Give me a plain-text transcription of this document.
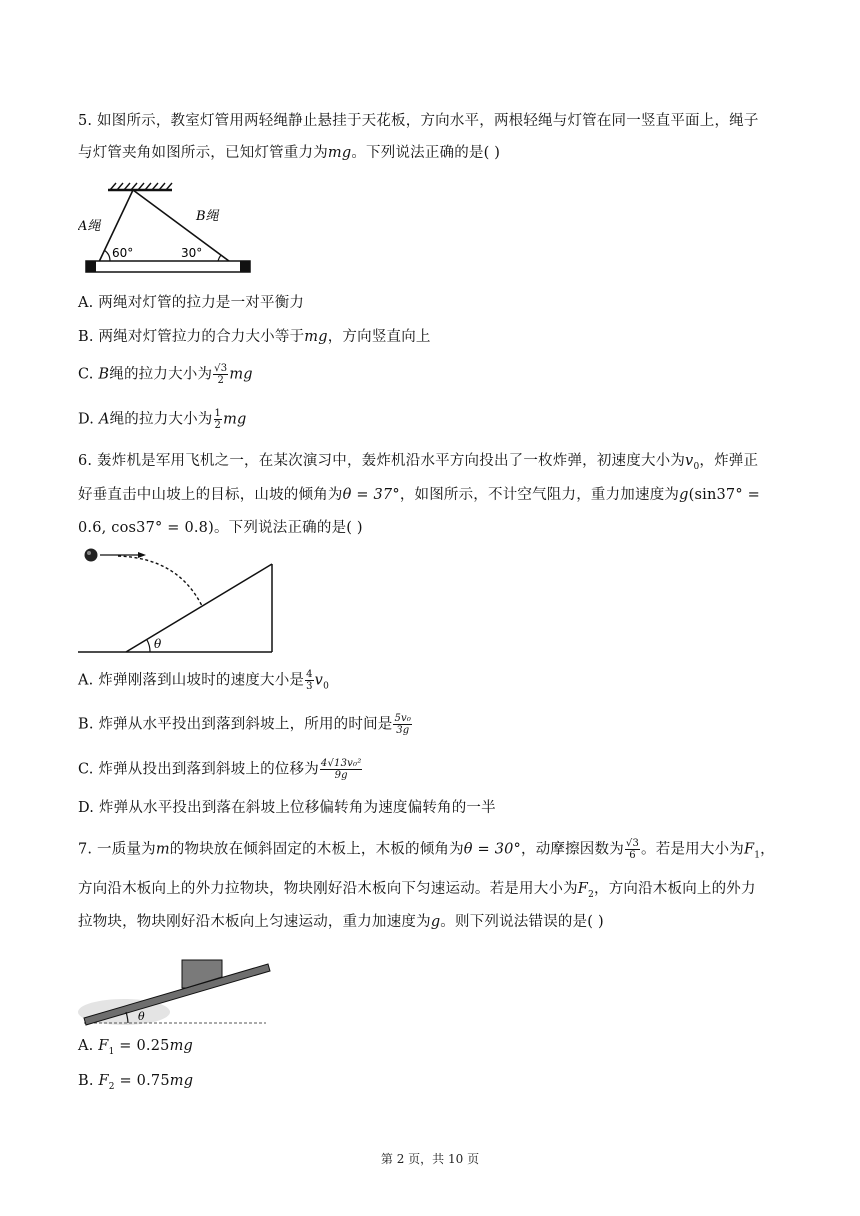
5. 如图所示，教室灯管用两轻绳静止悬挂于天花板，方向水平，两根轻绳与灯管在同一竖直平面上，绳子
与灯管夹角如图所示，已知灯管重力为mg。下列说法正确的是( )
A绳
B绳
60°	30°
A. 两绳对灯管的拉力是一对平衡力
B. 两绳对灯管拉力的合力大小等于mg，方向竖直向上
C. B绳的拉力大小为 $\frac{√3}{2}$ mg
D. A绳的拉力大小为 $\frac{1}{2}$ mg
6. 轰炸机是军用飞机之一，在某次演习中，轰炸机沿水平方向投出了一枚炸弹，初速度大小为$v_0$，炸弹正
好垂直击中山坡上的目标，山坡的倾角为θ = 37°，如图所示，不计空气阻力，重力加速度为g(sin37° =
0.6, cos37° = 0.8)。下列说法正确的是( )
θ
A. 炸弹刚落到山坡时的速度大小是 $\frac{4}{3} v_0$
B. 炸弹从水平投出到落到斜坡上，所用的时间是 $\frac{\text{5v₀}}{3g}$
C. 炸弹从投出到落到斜坡上的位移为 $\frac{\text{4√13v₀²}}{9g}$
D. 炸弹从水平投出到落在斜坡上位移偏转角为速度偏转角的一半
7. 一质量为m的物块放在倾斜固定的木板上，木板的倾角为θ = 30°，动摩擦因数为 $\frac{√3}{6}$ 。若是用大小为$F_1$，
方向沿木板向上的外力拉物块，物块刚好沿木板向下匀速运动。若是用大小为$F_2$，方向沿木板向上的外力
拉物块，物块刚好沿木板向上匀速运动，重力加速度为g。则下列说法错误的是( )
θ
A. $F_1 = 0.25mg$
B. $F_2 = 0.75mg$
第 2 页，共 10 页
